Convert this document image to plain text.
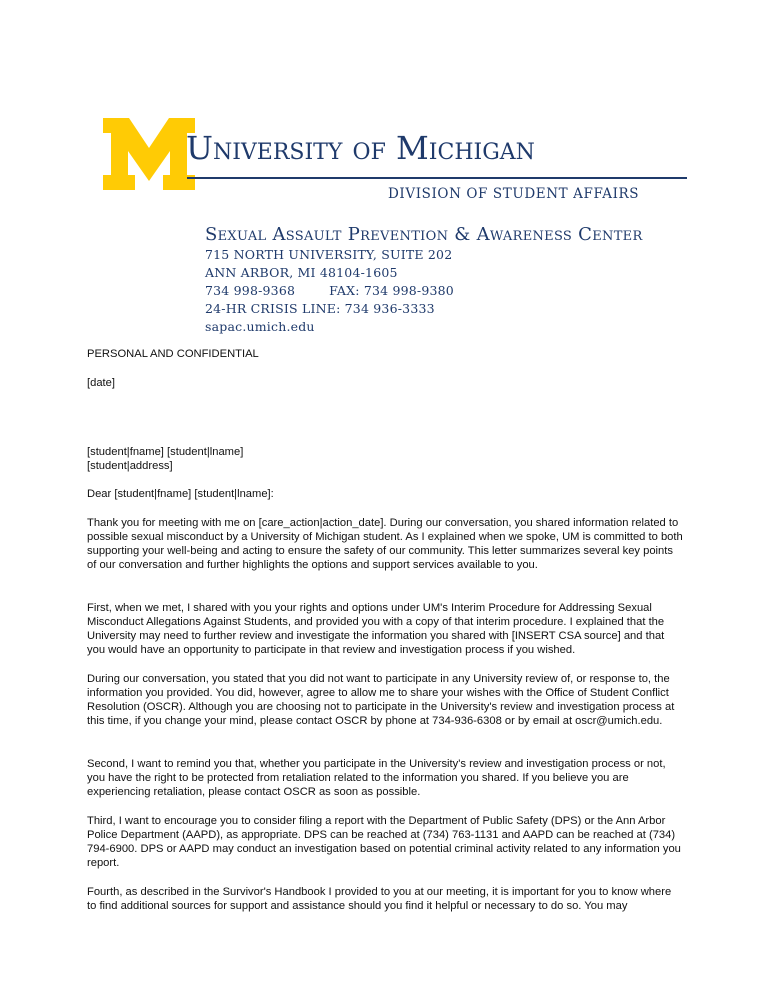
University of Michigan
DIVISION OF STUDENT AFFAIRS
Sexual Assault Prevention & Awareness Center
715 NORTH UNIVERSITY, SUITE 202
ANN ARBOR, MI 48104-1605
734 998-9368	FAX: 734 998-9380
24-HR CRISIS LINE: 734 936-3333
sapac.umich.edu

PERSONAL AND CONFIDENTIAL

[date]

[student|fname] [student|lname]

[student|address]

Dear [student|fname] [student|lname]:

Thank you for meeting with me on [care_action|action_date]. During our conversation, you shared information related to possible sexual misconduct by a University of Michigan student. As I explained when we spoke, UM is committed to both supporting your well-being and acting to ensure the safety of our community. This letter summarizes several key points of our conversation and further highlights the options and support services available to you.

First, when we met, I shared with you your rights and options under UM's Interim Procedure for Addressing Sexual Misconduct Allegations Against Students, and provided you with a copy of that interim procedure. I explained that the University may need to further review and investigate the information you shared with [INSERT CSA source] and that you would have an opportunity to participate in that review and investigation process if you wished.

During our conversation, you stated that you did not want to participate in any University review of, or response to, the information you provided. You did, however, agree to allow me to share your wishes with the Office of Student Conflict Resolution (OSCR). Although you are choosing not to participate in the University's review and investigation process at this time, if you change your mind, please contact OSCR by phone at 734-936-6308 or by email at oscr@umich.edu.

Second, I want to remind you that, whether you participate in the University's review and investigation process or not, you have the right to be protected from retaliation related to the information you shared. If you believe you are experiencing retaliation, please contact OSCR as soon as possible.

Third, I want to encourage you to consider filing a report with the Department of Public Safety (DPS) or the Ann Arbor Police Department (AAPD), as appropriate. DPS can be reached at (734) 763-1131 and AAPD can be reached at (734) 794-6900. DPS or AAPD may conduct an investigation based on potential criminal activity related to any information you report.

Fourth, as described in the Survivor's Handbook I provided to you at our meeting, it is important for you to know where to find additional sources for support and assistance should you find it helpful or necessary to do so. You may
